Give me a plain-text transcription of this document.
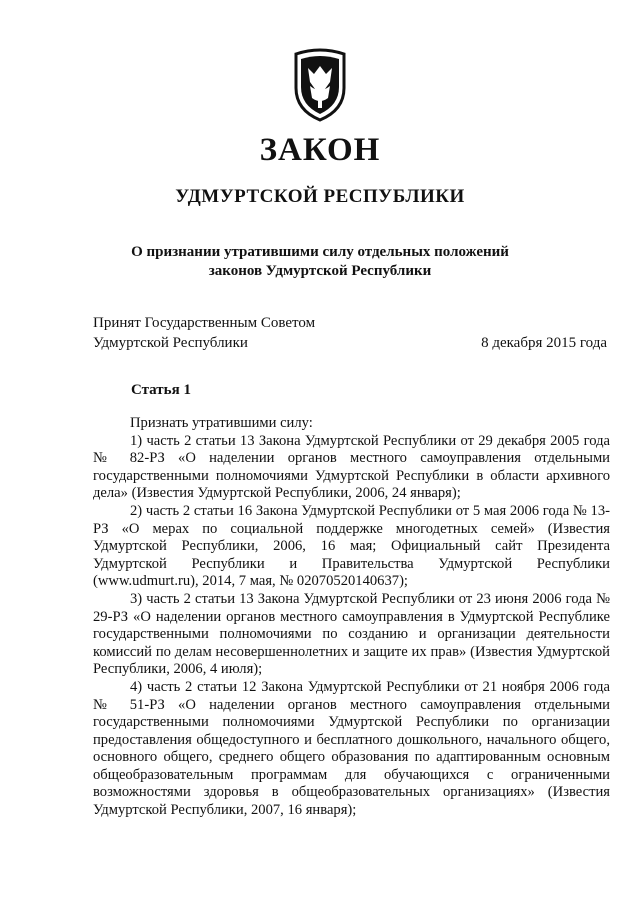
ЗАКОН
УДМУРТСКОЙ РЕСПУБЛИКИ
О признании утратившими силу отдельных положений
законов Удмуртской Республики
Принят Государственным Советом
Удмуртской Республики	8 декабря 2015 года
Статья 1

Признать утратившими силу:

1) часть 2 статьи 13 Закона Удмуртской Республики от 29 декабря 2005 года № 82-РЗ «О наделении органов местного самоуправления отдельными государственными полномочиями Удмуртской Республики в области архивного дела» (Известия Удмуртской Республики, 2006, 24 января);

2) часть 2 статьи 16 Закона Удмуртской Республики от 5 мая 2006 года № 13-РЗ «О мерах по социальной поддержке многодетных семей» (Известия Удмуртской Республики, 2006, 16 мая; Официальный сайт Президента Удмуртской Республики и Правительства Удмуртской Республики (www.udmurt.ru), 2014, 7 мая, № 02070520140637);

3) часть 2 статьи 13 Закона Удмуртской Республики от 23 июня 2006 года № 29-РЗ «О наделении органов местного самоуправления в Удмуртской Республике государственными полномочиями по созданию и организации деятельности комиссий по делам несовершеннолетних и защите их прав» (Известия Удмуртской Республики, 2006, 4 июля);

4) часть 2 статьи 12 Закона Удмуртской Республики от 21 ноября 2006 года № 51-РЗ «О наделении органов местного самоуправления отдельными государственными полномочиями Удмуртской Республики по организации предоставления общедоступного и бесплатного дошкольного, начального общего, основного общего, среднего общего образования по адаптированным основным общеобразовательным программам для обучающихся с ограниченными возможностями здоровья в общеобразовательных организациях» (Известия Удмуртской Республики, 2007, 16 января);
